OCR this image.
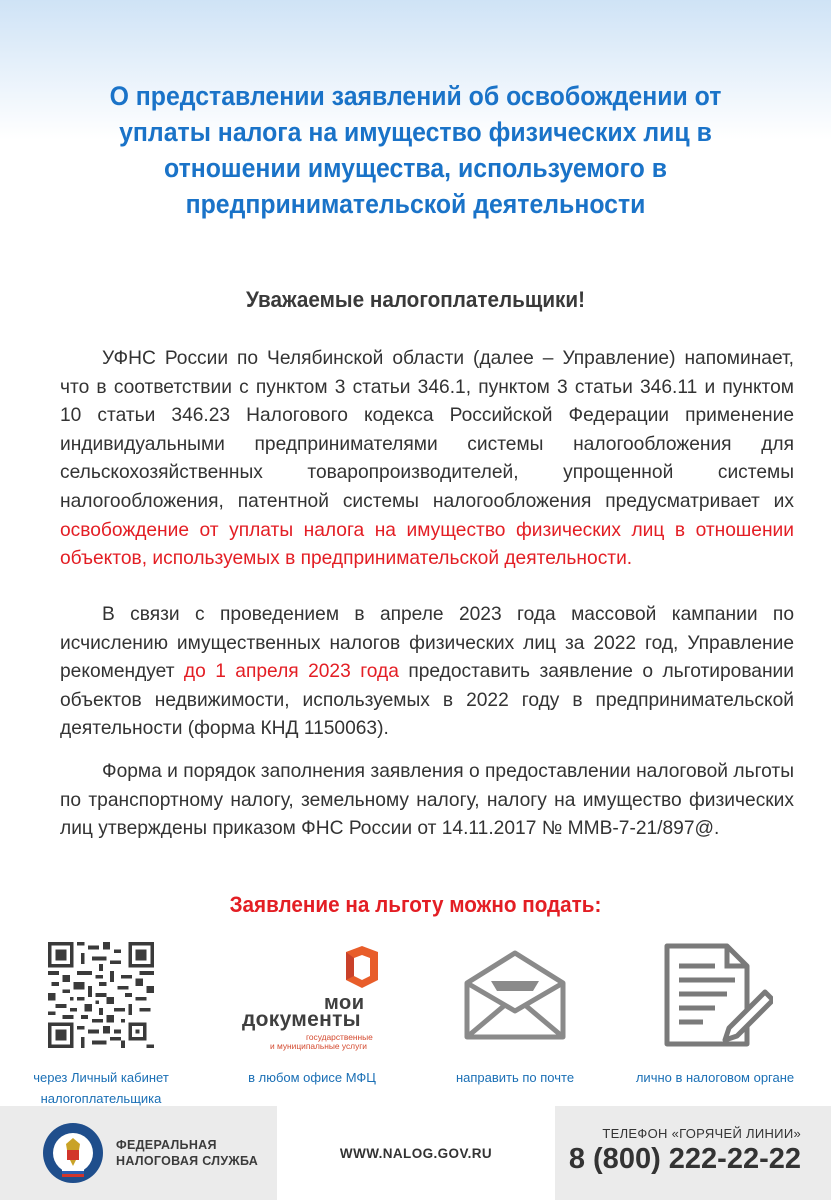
О представлении заявлений об освобождении от уплаты налога на имущество физических лиц в отношении имущества, используемого в предпринимательской деятельности
Уважаемые налогоплательщики!

УФНС России по Челябинской области (далее – Управление) напоминает, что в соответствии с пунктом 3 статьи 346.1, пунктом 3 статьи 346.11 и пунктом 10 статьи 346.23 Налогового кодекса Российской Федерации применение индивидуальными предпринимателями системы налогообложения для сельскохозяйственных товаропроизводителей, упрощенной системы налогообложения, патентной системы налогообложения предусматривает их освобождение от уплаты налога на имущество физических лиц в отношении объектов, используемых в предпринимательской деятельности.

В связи с проведением в апреле 2023 года массовой кампании по исчислению имущественных налогов физических лиц за 2022 год, Управление рекомендует до 1 апреля 2023 года предоставить заявление о льготировании объектов недвижимости, используемых в 2022 году в предпринимательской деятельности (форма КНД 1150063).

Форма и порядок заполнения заявления о предоставлении налоговой льготы по транспортному налогу, земельному налогу, налогу на имущество физических лиц утверждены приказом ФНС России от 14.11.2017 № ММВ-7-21/897@.

Заявление на льготу можно подать:
через Личный кабинет
налогоплательщика
мои
документы
государственные
и муниципальные услуги
в любом офисе МФЦ	направить по почте	лично в налоговом органе
ФЕДЕРАЛЬНАЯ
НАЛОГОВАЯ СЛУЖБА
WWW.NALOG.GOV.RU
ТЕЛЕФОН «ГОРЯЧЕЙ ЛИНИИ»
8 (800) 222-22-22
